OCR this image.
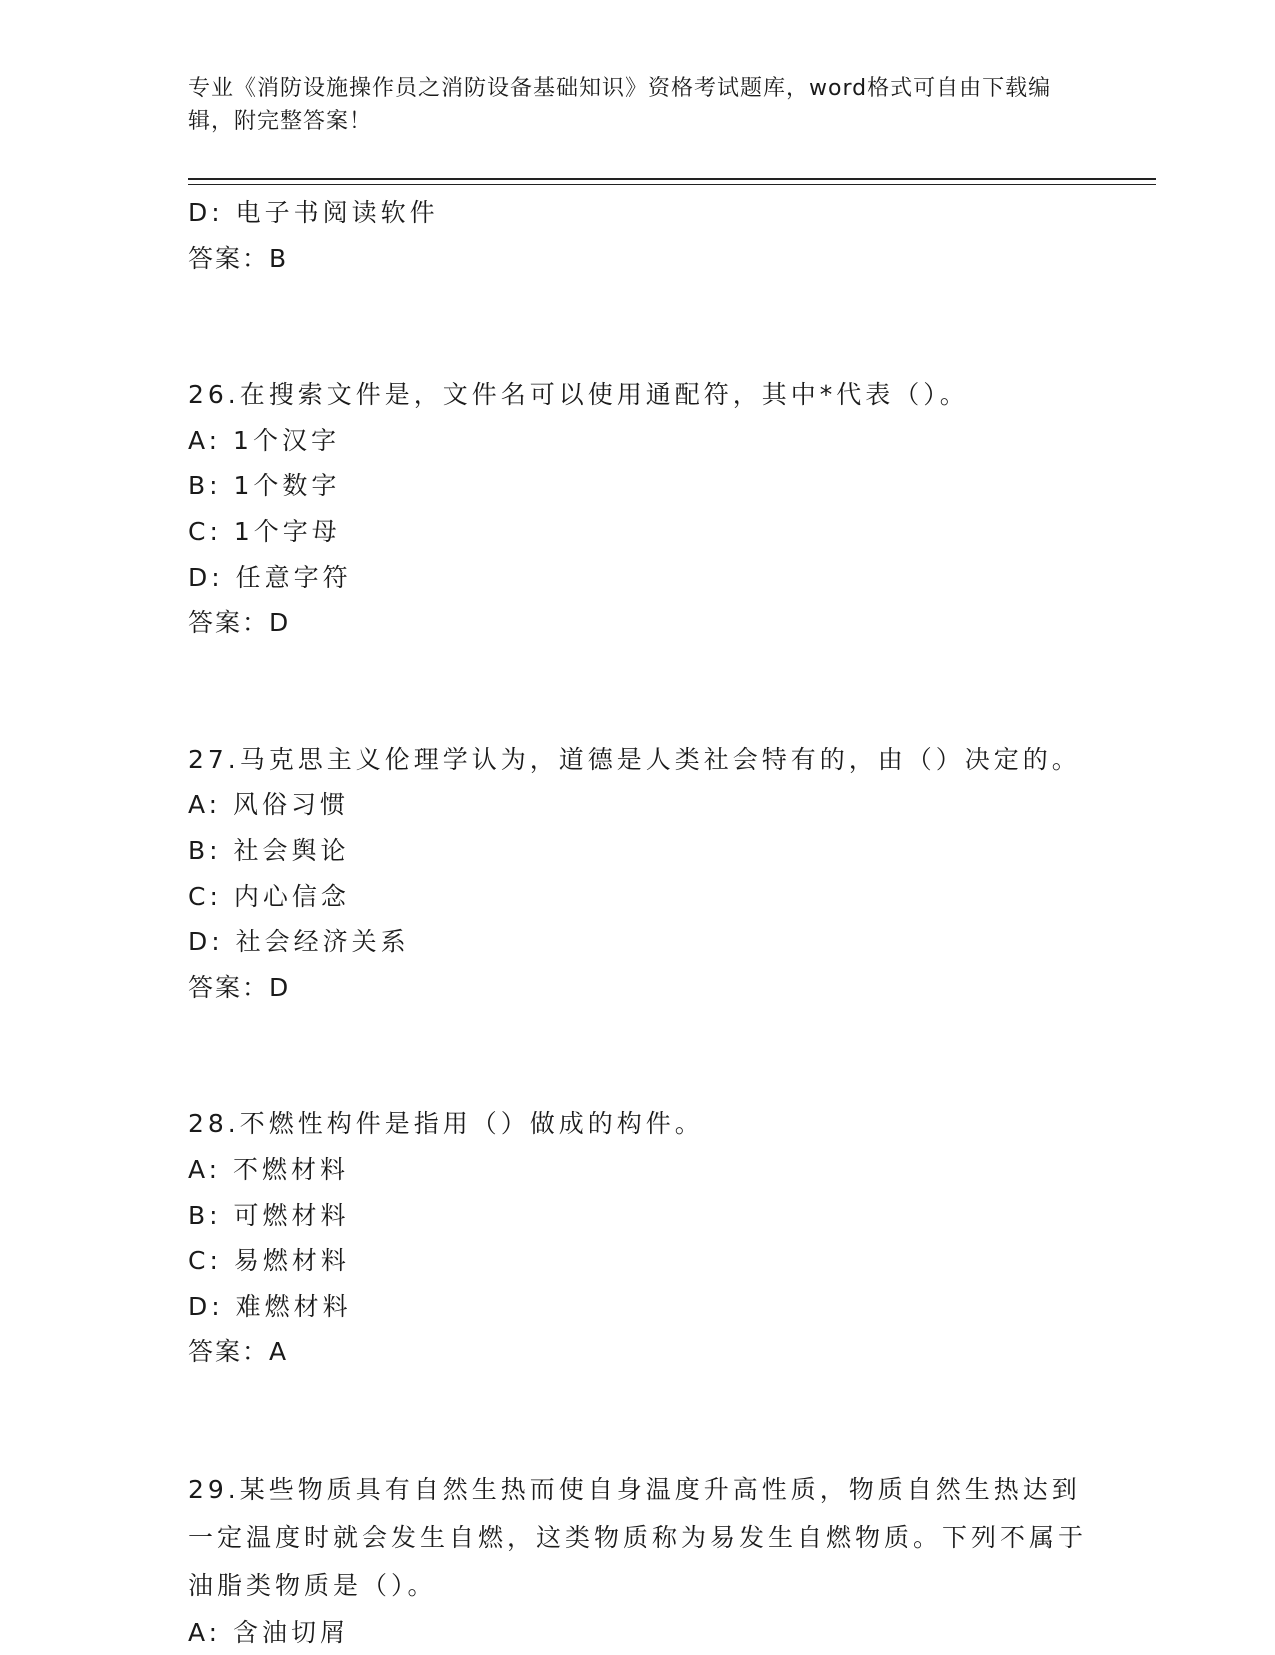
专业《消防设施操作员之消防设备基础知识》资格考试题库，word格式可自由下载编辑，附完整答案！
D: 电子书阅读软件
答案：B
26.在搜索文件是，文件名可以使用通配符，其中*代表（）。
A: 1个汉字
B: 1个数字
C: 1个字母
D: 任意字符
答案：D
27.马克思主义伦理学认为，道德是人类社会特有的，由（）决定的。
A: 风俗习惯
B: 社会舆论
C: 内心信念
D: 社会经济关系
答案：D
28.不燃性构件是指用（）做成的构件。
A: 不燃材料
B: 可燃材料
C: 易燃材料
D: 难燃材料
答案：A
29.某些物质具有自然生热而使自身温度升高性质，物质自然生热达到一定温度时就会发生自燃，这类物质称为易发生自燃物质。下列不属于油脂类物质是（）。
A: 含油切屑
